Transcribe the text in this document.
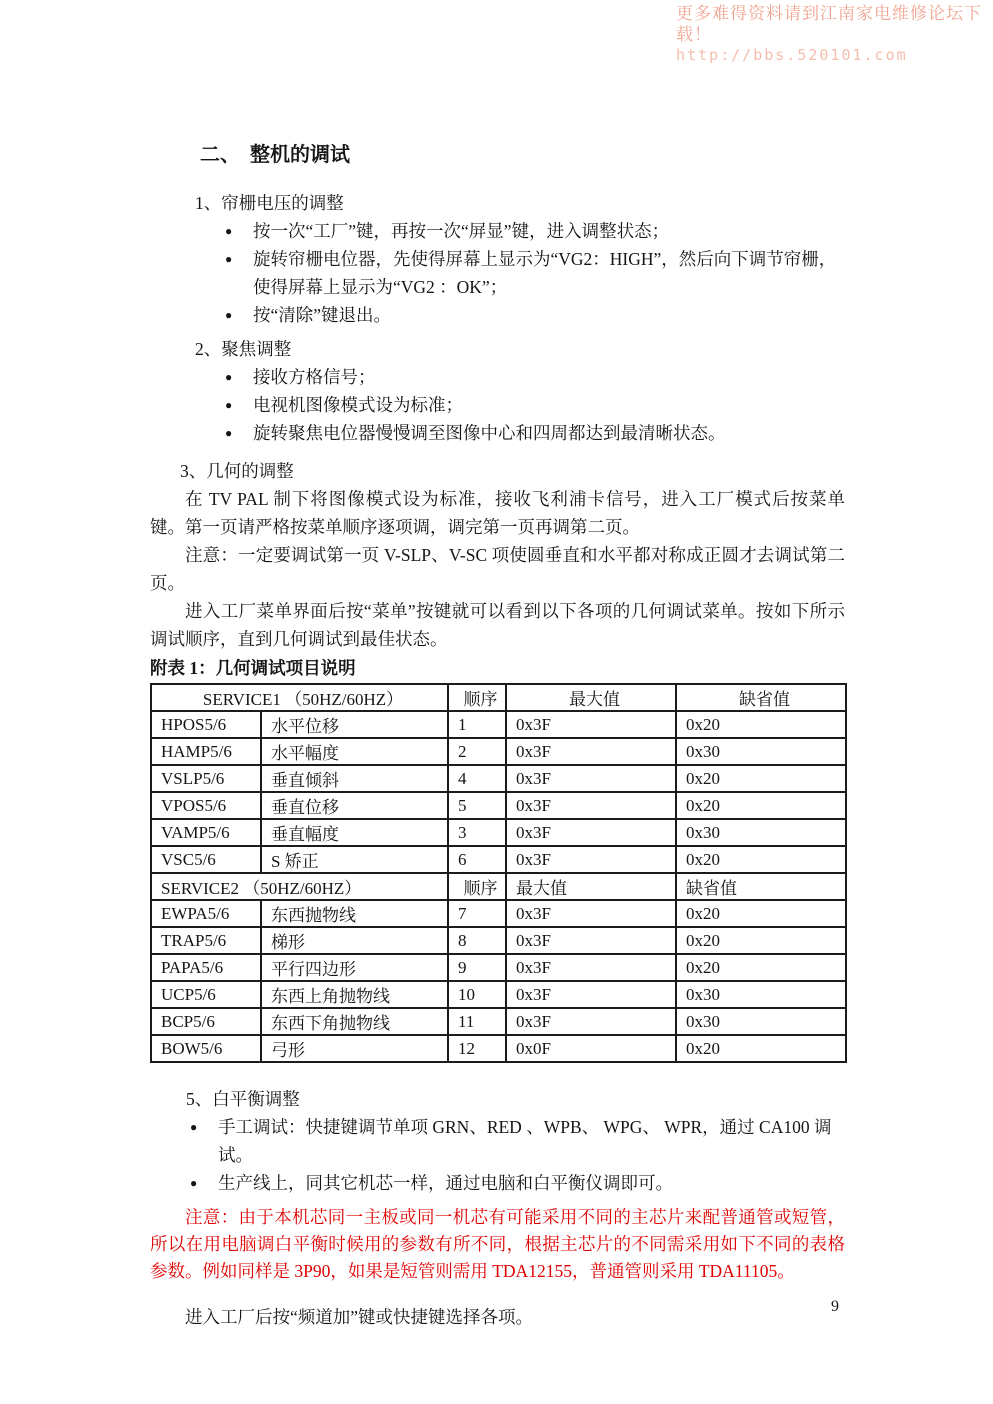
更多难得资料请到江南家电维修论坛下载！
http://bbs.520101.com
二、　整机的调试
1、帘栅电压的调整
●	按一次“工厂”键，再按一次“屏显”键，进入调整状态；
●	旋转帘栅电位器，先使得屏幕上显示为“VG2：HIGH”，然后向下调节帘栅，使得屏幕上显示为“VG2 ：OK”；
●	按“清除”键退出。
2、聚焦调整
●	接收方格信号；
●	电视机图像模式设为标准；
●	旋转聚焦电位器慢慢调至图像中心和四周都达到最清晰状态。
3、几何的调整

在 TV PAL 制下将图像模式设为标准，接收飞利浦卡信号，进入工厂模式后按菜单键。第一页请严格按菜单顺序逐项调，调完第一页再调第二页。

注意：一定要调试第一页 V-SLP、V-SC 项使圆垂直和水平都对称成正圆才去调试第二页。

进入工厂菜单界面后按“菜单”按键就可以看到以下各项的几何调试菜单。按如下所示调试顺序，直到几何调试到最佳状态。

附表 1：几何调试项目说明
SERVICE1 （50HZ/60HZ）		顺序	最大值	缺省值
HPOS5/6	水平位移	1	0x3F	0x20
HAMP5/6	水平幅度	2	0x3F	0x30
VSLP5/6	垂直倾斜	4	0x3F	0x20
VPOS5/6	垂直位移	5	0x3F	0x20
VAMP5/6	垂直幅度	3	0x3F	0x30
VSC5/6	S 矫正	6	0x3F	0x20
SERVICE2 （50HZ/60HZ）		顺序	最大值	缺省值
EWPA5/6	东西抛物线	7	0x3F	0x20
TRAP5/6	梯形	8	0x3F	0x20
PAPA5/6	平行四边形	9	0x3F	0x20
UCP5/6	东西上角抛物线	10	0x3F	0x30
BCP5/6	东西下角抛物线	11	0x3F	0x30
BOW5/6	弓形	12	0x0F	0x20
5、白平衡调整
●	手工调试：快捷键调节单项 GRN、RED 、WPB、 WPG、 WPR，通过 CA100 调试。
●	生产线上，同其它机芯一样，通过电脑和白平衡仪调即可。

注意：由于本机芯同一主板或同一机芯有可能采用不同的主芯片来配普通管或短管，所以在用电脑调白平衡时候用的参数有所不同，根据主芯片的不同需采用如下不同的表格参数。例如同样是 3P90，如果是短管则需用 TDA12155，普通管则采用 TDA11105。

进入工厂后按“频道加”键或快捷键选择各项。	9
